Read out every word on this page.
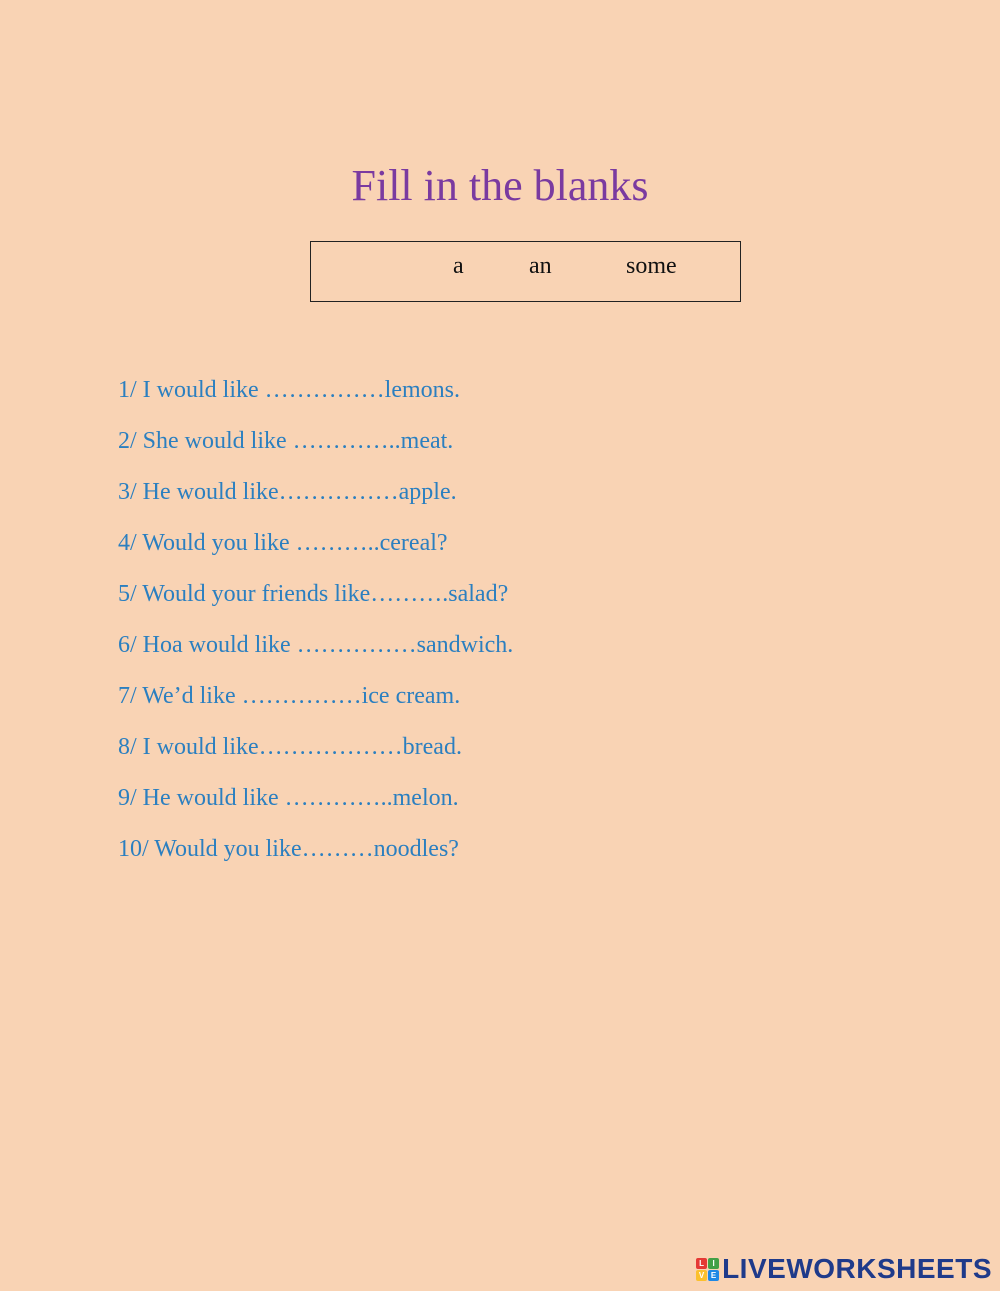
Fill in the blanks
a	an	some
1/ I would like ……………lemons.
2/ She would like …………..meat.
3/ He would like……………apple.
4/ Would you like ………..cereal?
5/ Would your friends like……….salad?
6/ Hoa would like ……………sandwich.
7/ We’d like ……………ice cream.
8/ I would like………………bread.
9/ He would like …………..melon.
10/ Would you like………noodles?
L	I
V E LIVEWORKSHEETS
